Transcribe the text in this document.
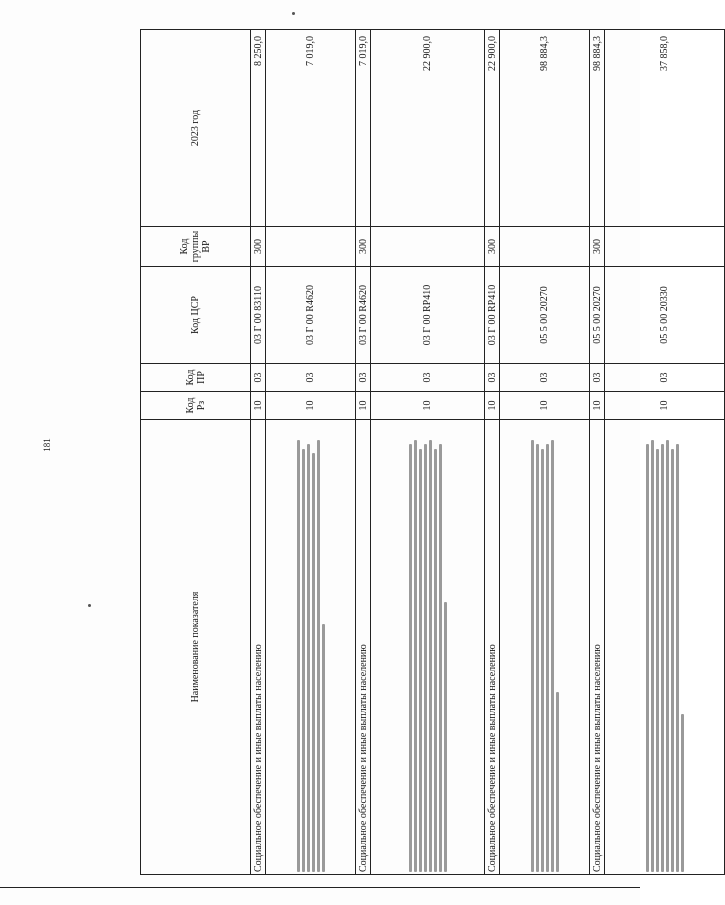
181
Наименование показателя	Код Рз	Код ПР	Код ЦСР	Код группы ВР	2023 год
Социальное обеспечение и иные выплаты населению	10	03	03 Г 00 83110	300	8 250,0

	10	03	03 Г 00 R4620		7 019,0
Социальное обеспечение и иные выплаты населению	10	03	03 Г 00 R4620	300	7 019,0

	10	03	03 Г 00 RP410		22 900,0
Социальное обеспечение и иные выплаты населению	10	03	03 Г 00 RP410	300	22 900,0

	10	03	05 5 00 20270		98 884,3
Социальное обеспечение и иные выплаты населению	10	03	05 5 00 20270	300	98 884,3

	10	03	05 5 00 20330		37 858,0
